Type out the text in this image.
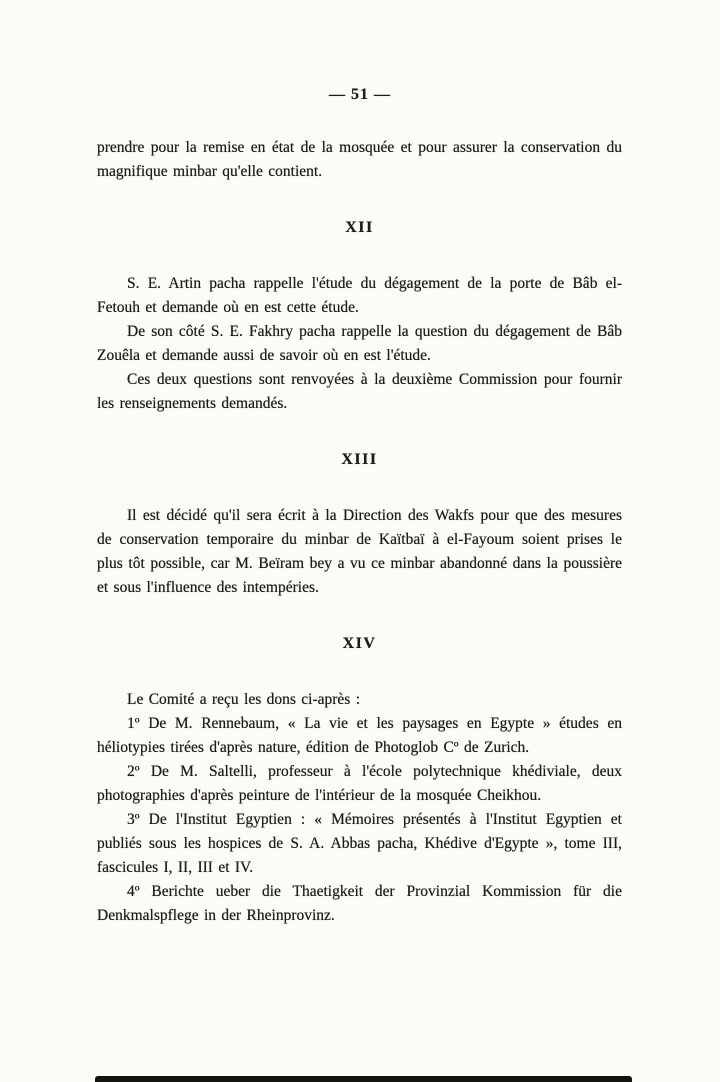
— 51 —

prendre pour la remise en état de la mosquée et pour assurer la conservation du magnifique minbar qu'elle contient.

XII

S. E. Artin pacha rappelle l'étude du dégagement de la porte de Bâb el-Fetouh et demande où en est cette étude.

De son côté S. E. Fakhry pacha rappelle la question du dégagement de Bâb Zouêla et demande aussi de savoir où en est l'étude.

Ces deux questions sont renvoyées à la deuxième Commission pour fournir les renseignements demandés.

XIII

Il est décidé qu'il sera écrit à la Direction des Wakfs pour que des mesures de conservation temporaire du minbar de Kaïtbaï à el-Fayoum soient prises le plus tôt possible, car M. Beïram bey a vu ce minbar abandonné dans la poussière et sous l'influence des intempéries.

XIV

Le Comité a reçu les dons ci-après :

1º De M. Rennebaum, « La vie et les paysages en Egypte » études en héliotypies tirées d'après nature, édition de Photoglob Cº de Zurich.

2º De M. Saltelli, professeur à l'école polytechnique khédiviale, deux photographies d'après peinture de l'intérieur de la mosquée Cheikhou.

3º De l'Institut Egyptien : « Mémoires présentés à l'Institut Egyptien et publiés sous les hospices de S. A. Abbas pacha, Khédive d'Egypte », tome III, fascicules I, II, III et IV.

4º Berichte ueber die Thaetigkeit der Provinzial Kommission für die Denkmalspflege in der Rheinprovinz.
